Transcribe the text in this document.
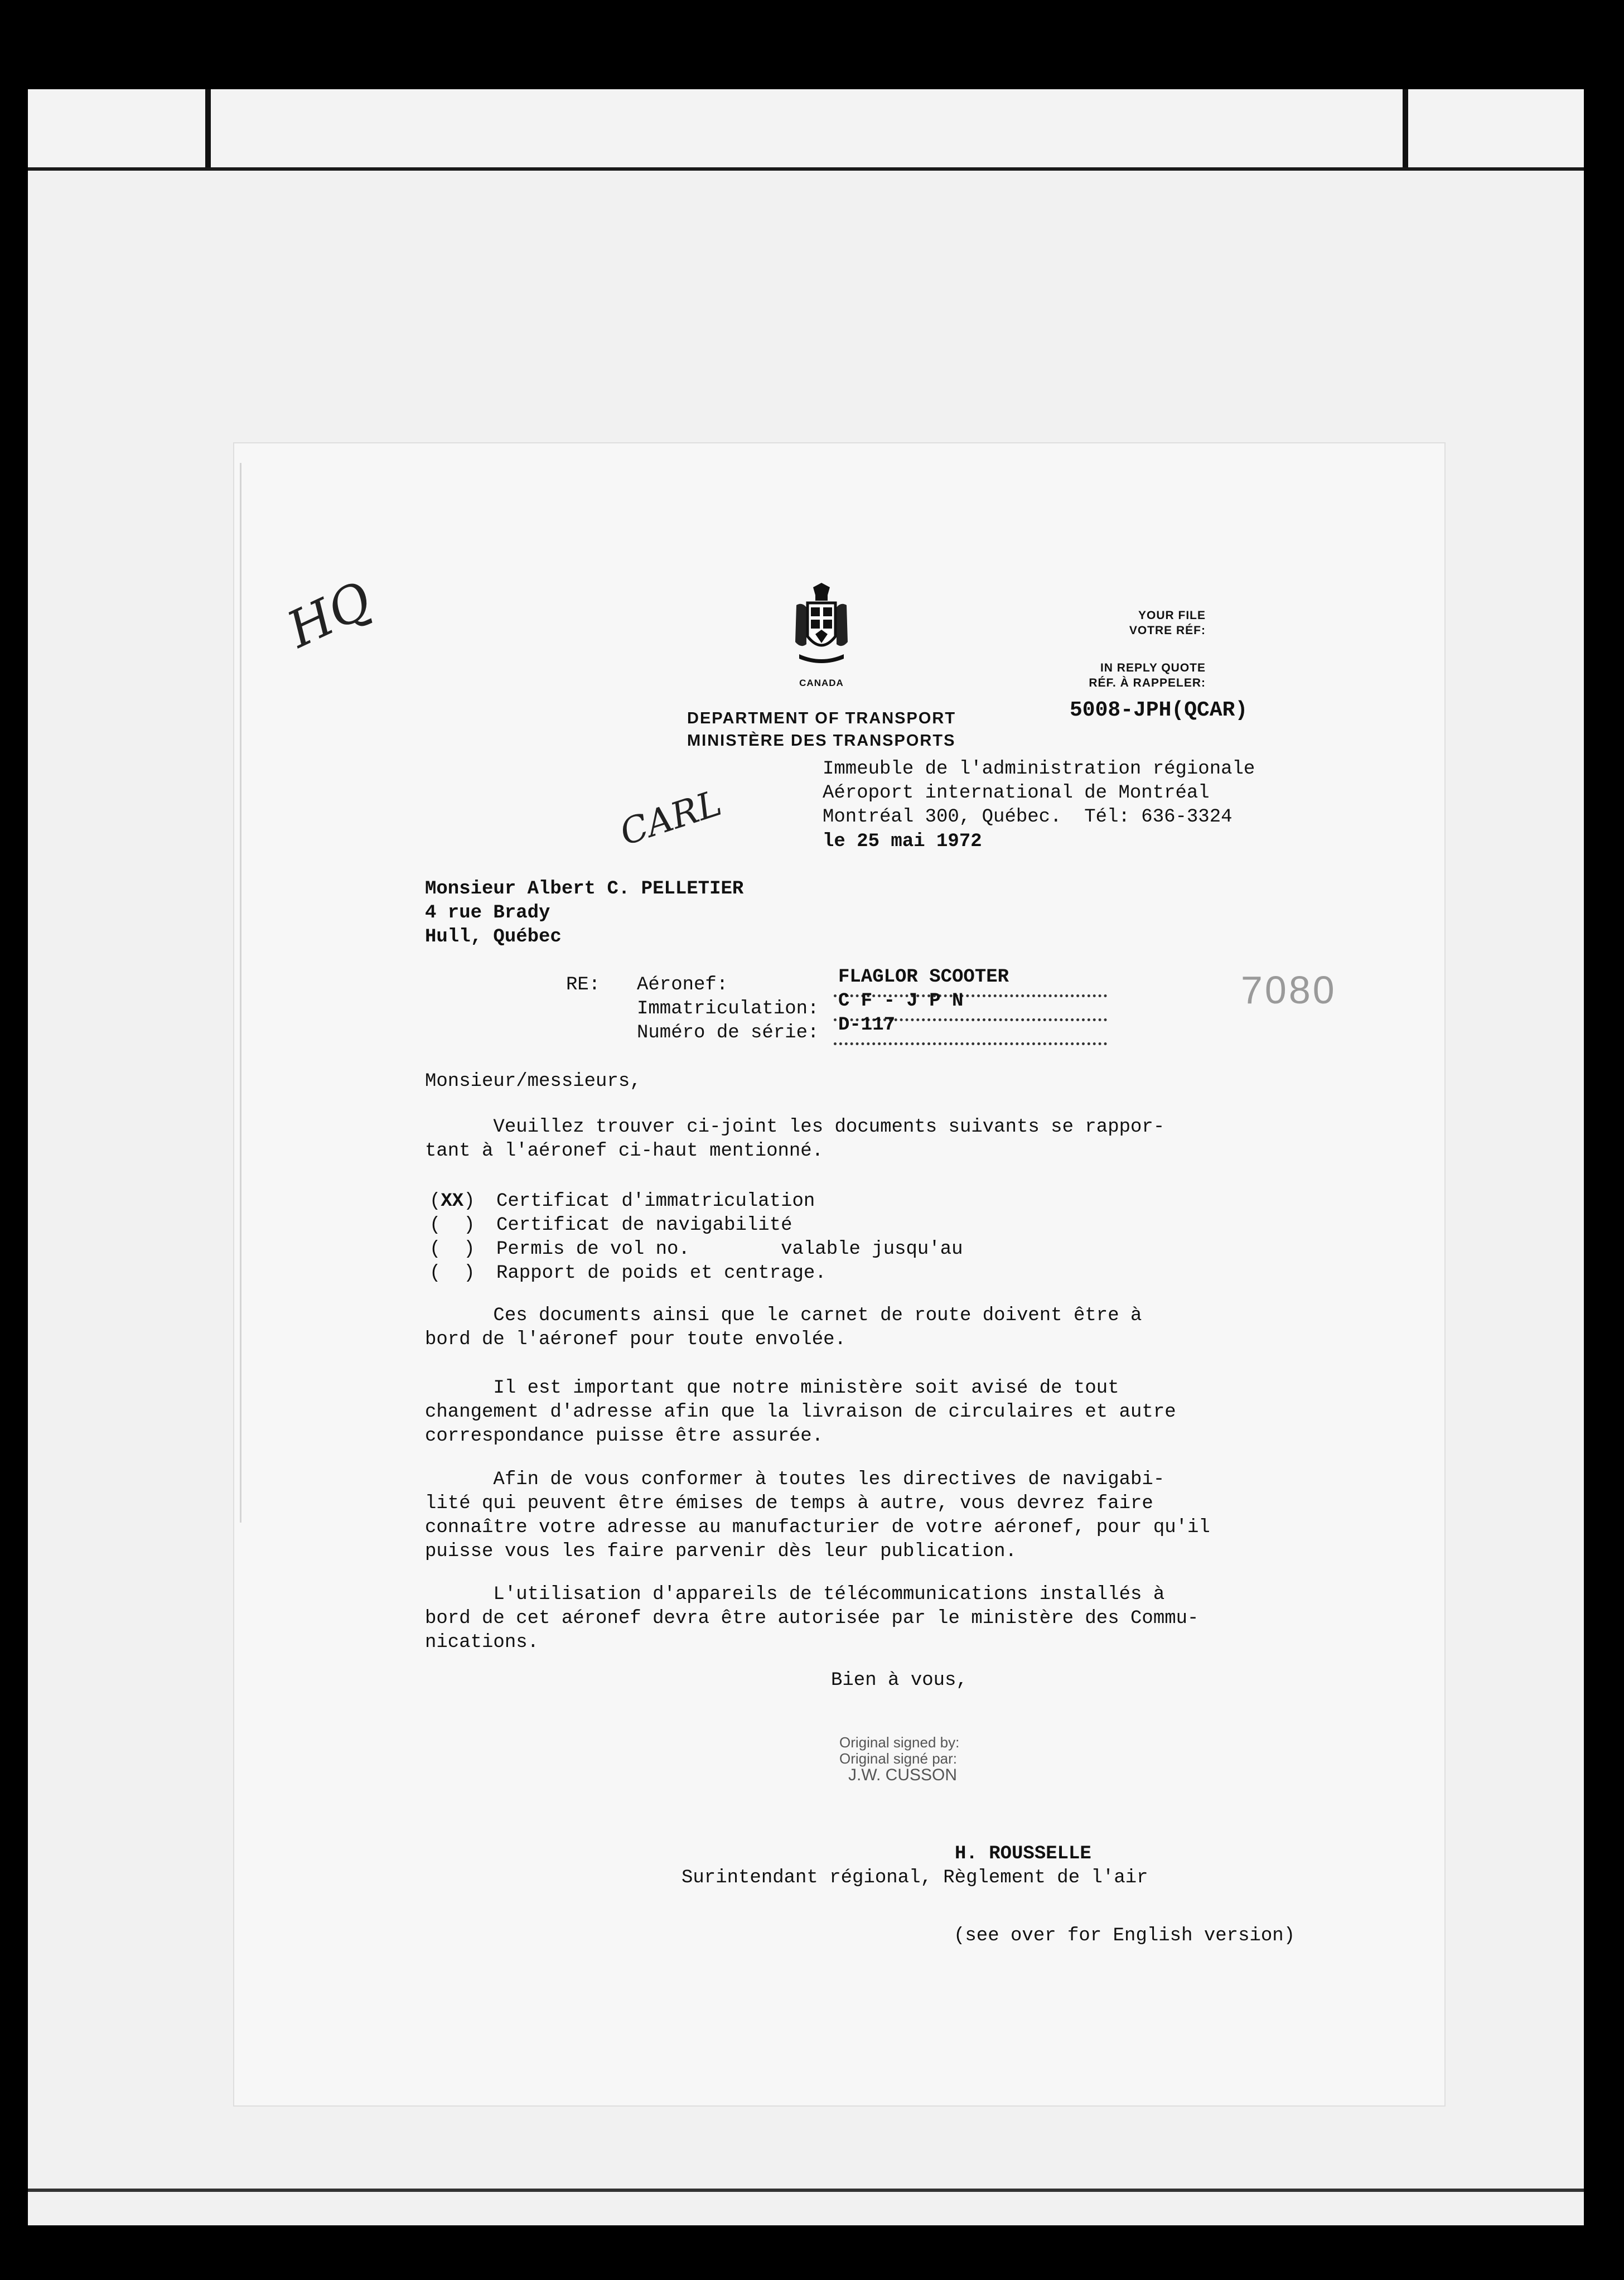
HQ
CARL
CANADA
DEPARTMENT OF TRANSPORT
MINISTÈRE DES TRANSPORTS
YOUR FILE
VOTRE RÉF:
IN REPLY QUOTE
RÉF. À RAPPELER:
5008-JPH(QCAR)
Immeuble de l'administration régionale
Aéroport international de Montréal
Montréal 300, Québec.  Tél: 636-3324
le 25 mai 1972
Monsieur Albert C. PELLETIER
4 rue Brady
Hull, Québec
RE:	Aéronef:	FLAGLOR SCOOTER
Immatriculation:	C F - J P N
Numéro de série:	D-117
7080
Monsieur/messieurs,
Veuillez trouver ci-joint les documents suivants se rappor-
tant à l'aéronef ci-haut mentionné.
(XX)	Certificat d'immatriculation
( )	Certificat de navigabilité
( )	Permis de vol no.        valable jusqu'au
( )	Rapport de poids et centrage.
Ces documents ainsi que le carnet de route doivent être à
bord de l'aéronef pour toute envolée.
Il est important que notre ministère soit avisé de tout
changement d'adresse afin que la livraison de circulaires et autre
correspondance puisse être assurée.
Afin de vous conformer à toutes les directives de navigabi-
lité qui peuvent être émises de temps à autre, vous devrez faire
connaître votre adresse au manufacturier de votre aéronef, pour qu'il
puisse vous les faire parvenir dès leur publication.
L'utilisation d'appareils de télécommunications installés à
bord de cet aéronef devra être autorisée par le ministère des Commu-
nications.
Bien à vous,
Original signed by:
Original signé par:
J.W. CUSSON
H. ROUSSELLE
Surintendant régional, Règlement de l'air
(see over for English version)
